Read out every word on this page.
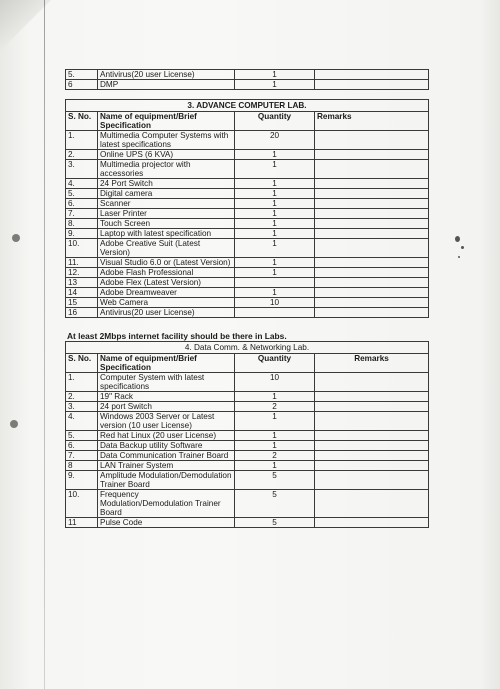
5.	Antivirus(20 user License)	1	
6	DMP	1	
3. ADVANCE COMPUTER LAB.			
S. No.	Name of equipment/Brief Specification	Quantity	Remarks
1.	Multimedia Computer Systems with latest specifications	20	
2.	Online UPS (6 KVA)	1	
3.	Multimedia projector with accessories	1	
4.	24 Port Switch	1	
5.	Digital camera	1	
6.	Scanner	1	
7.	Laser Printer	1	
8.	Touch Screen	1	
9.	Laptop with latest specification	1	
10.	Adobe Creative Suit (Latest Version)	1	
11.	Visual Studio 6.0 or (Latest Version)	1	
12.	Adobe Flash Professional	1	
13	Adobe Flex (Latest Version)		
14	Adobe Dreamweaver	1	
15	Web Camera	10	
16	Antivirus(20 user License)		
At least 2Mbps internet facility should be there in Labs.
4. Data Comm. & Networking Lab.			
S. No.	Name of equipment/Brief Specification	Quantity	Remarks
1.	Computer System with latest specifications	10	
2.	19" Rack	1	
3.	24 port Switch	2	
4.	Windows 2003 Server or Latest version (10 user License)	1	
5.	Red hat Linux (20 user License)	1	
6.	Data Backup utility Software	1	
7.	Data Communication Trainer Board	2	
8	LAN Trainer System	1	
9.	Amplitude Modulation/Demodulation Trainer Board	5	
10.	Frequency Modulation/Demodulation Trainer Board	5	
11	Pulse Code	5	
